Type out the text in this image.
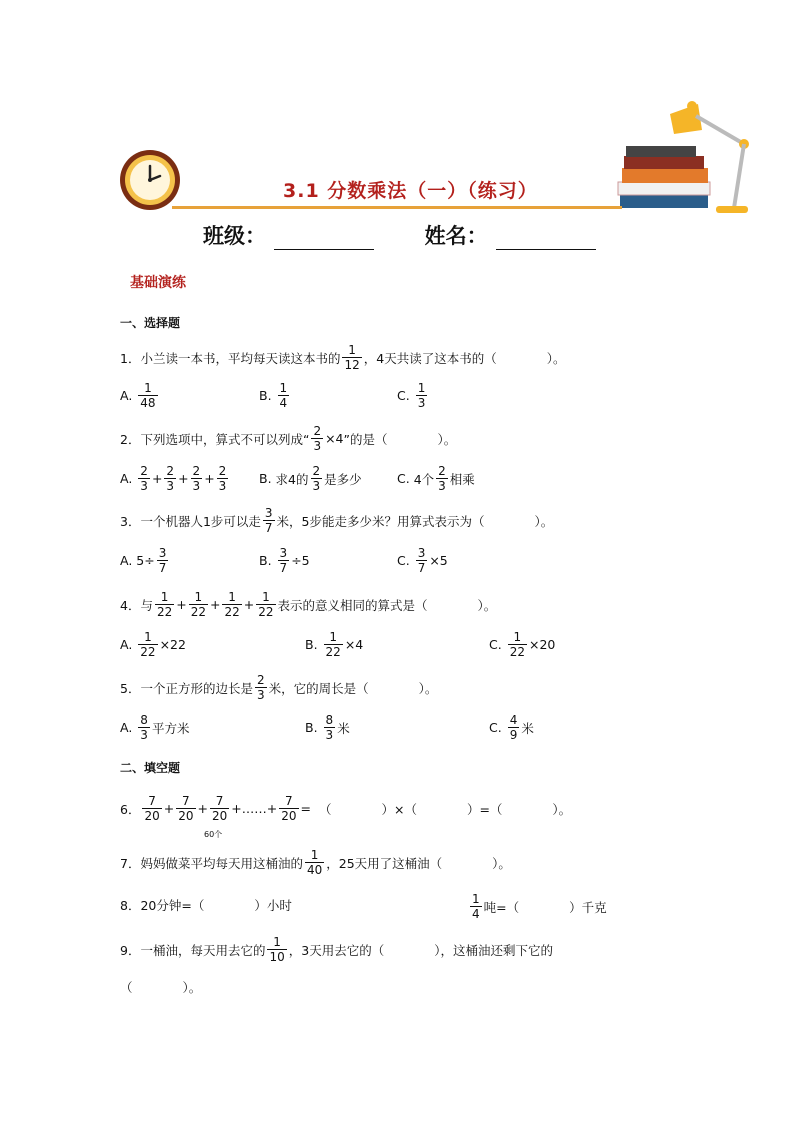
3.1 分数乘法（一）（练习）
班级：	姓名：
基础演练
一、选择题
1．小兰读一本书，平均每天读这本书的 $\frac{1}{12}$ ，4天共读了这本书的（　　　　）。
A.
$\frac{1}{48}$	B.
$\frac{1}{4}$	C.
$\frac{1}{3}$
2．下列选项中，算式不可以列成“ $\frac{2}{3} \times 4$ ”的是（　　　　）。
A.
$\frac{2}{3} + \frac{2}{3} + \frac{2}{3} + \frac{2}{3} B$.
求4的 $\frac{2}{3}$ 是多少	C.
4个 $\frac{2}{3}$ 相乘
3．一个机器人1步可以走 $\frac{3}{7}$ 米，5步能走多少米？用算式表示为（　　　　）。
A.
$5\div \frac{3}{7}$	B.
$\frac{3}{7} \div 5$	C.
$\frac{3}{7} \times 5$
4．与 $\frac{1}{22} + \frac{1}{22} + \frac{1}{22} + \frac{1}{22}$ 表示的意义相同的算式是（　　　　）。
A.
$\frac{1}{22} \times 22$	B.
$\frac{1}{22} \times 4$	C.
$\frac{1}{22} \times 20$
5．一个正方形的边长是 $\frac{2}{3}$ 米，它的周长是（　　　　）。
A.
$\frac{8}{3}$ 平方米	B.
$\frac{8}{3}$ 米	C.
$\frac{4}{9}$ 米
二、填空题
6． $\frac{7}{20} + \frac{7}{20} + \frac{7}{20}$ +……+ $\frac{7}{20}$ = （　　　　）×（　　　　）=（　　　　）。
60个
7．妈妈做菜平均每天用这桶油的 $\frac{1}{40}$ ，25天用了这桶油（　　　　）。
8．20分钟=（　　　　）小时	$\frac{1}{4}$ 吨=（　　　　）千克
9．一桶油，每天用去它的 $\frac{1}{10}$ ，3天用去它的（　　　　），这桶油还剩下它的
（　　　　）。
